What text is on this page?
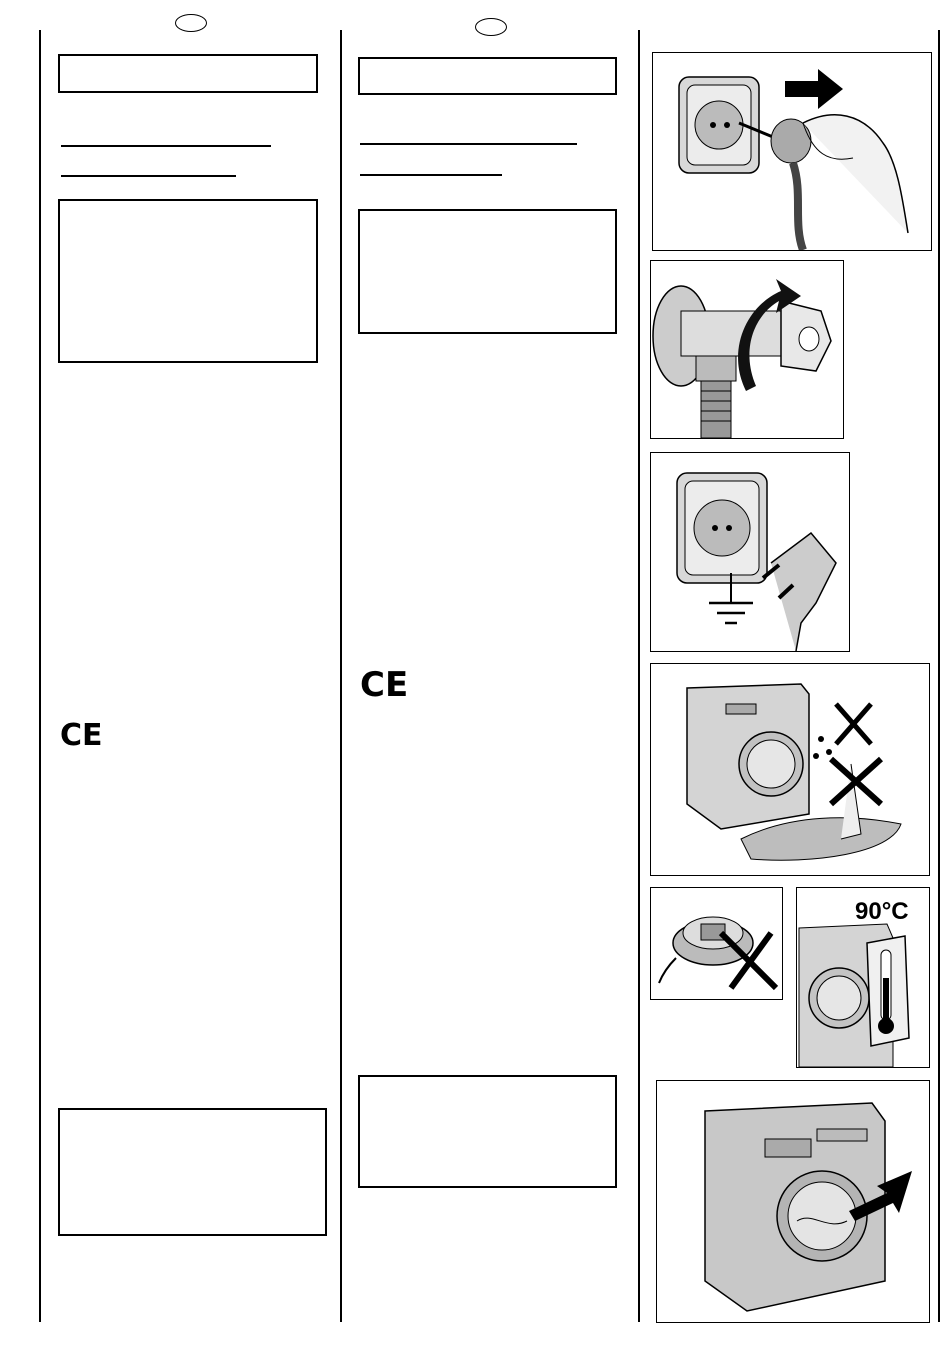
CE
CE
90°C
